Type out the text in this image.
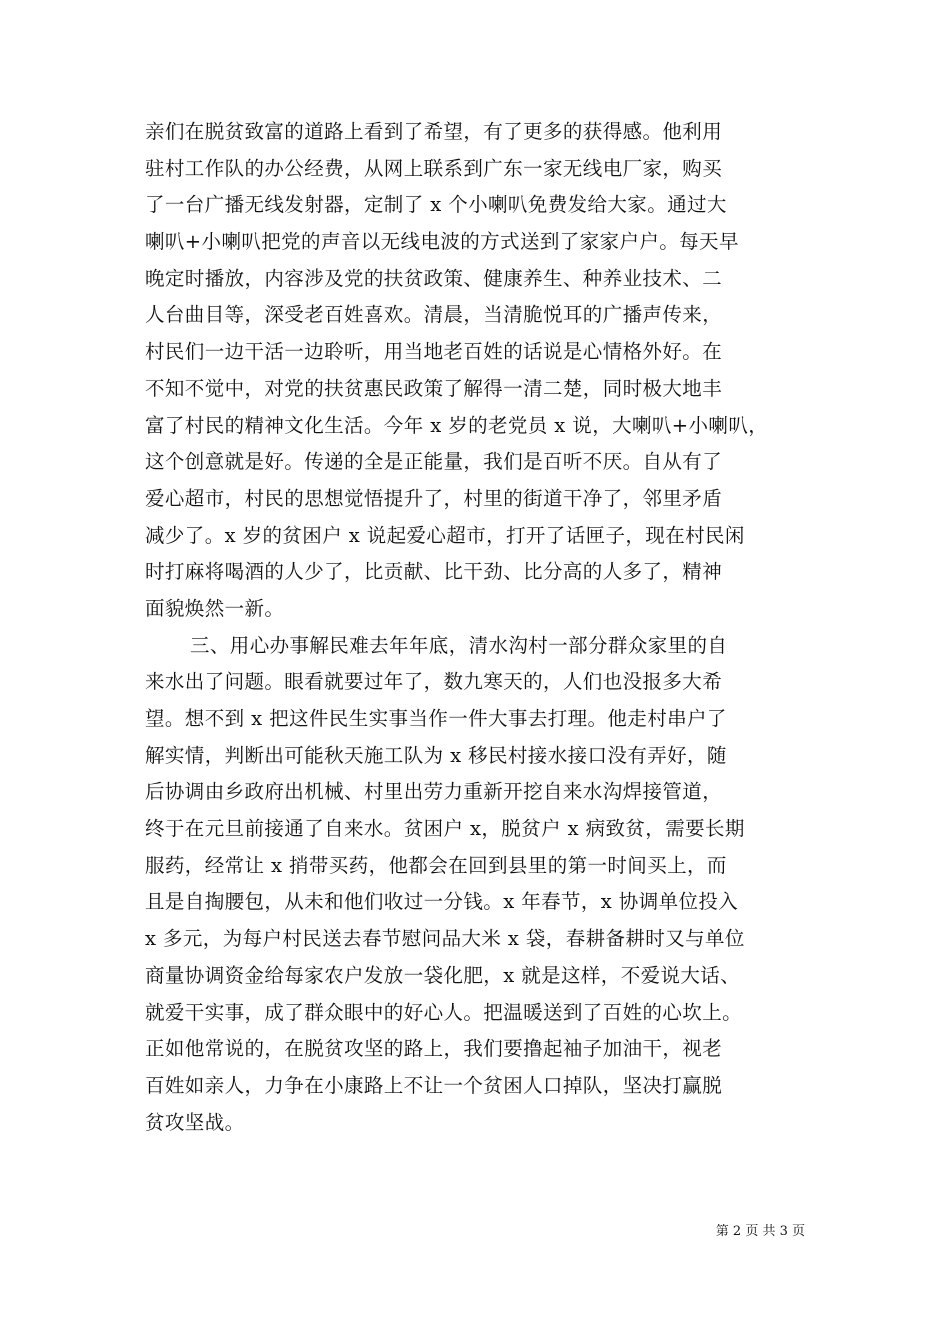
亲们在脱贫致富的道路上看到了希望，有了更多的获得感。他利用
驻村工作队的办公经费，从网上联系到广东一家无线电厂家，购买
了一台广播无线发射器，定制了 x 个小喇叭免费发给大家。通过大
喇叭+小喇叭把党的声音以无线电波的方式送到了家家户户。每天早
晚定时播放，内容涉及党的扶贫政策、健康养生、种养业技术、二
人台曲目等，深受老百姓喜欢。清晨，当清脆悦耳的广播声传来，
村民们一边干活一边聆听，用当地老百姓的话说是心情格外好。在
不知不觉中，对党的扶贫惠民政策了解得一清二楚，同时极大地丰
富了村民的精神文化生活。今年 x 岁的老党员 x 说，大喇叭+小喇叭，
这个创意就是好。传递的全是正能量，我们是百听不厌。自从有了
爱心超市，村民的思想觉悟提升了，村里的街道干净了，邻里矛盾
减少了。x 岁的贫困户 x 说起爱心超市，打开了话匣子，现在村民闲
时打麻将喝酒的人少了，比贡献、比干劲、比分高的人多了，精神
面貌焕然一新。
三、用心办事解民难去年年底，清水沟村一部分群众家里的自
来水出了问题。眼看就要过年了，数九寒天的，人们也没报多大希
望。想不到 x 把这件民生实事当作一件大事去打理。他走村串户了
解实情，判断出可能秋天施工队为 x 移民村接水接口没有弄好，随
后协调由乡政府出机械、村里出劳力重新开挖自来水沟焊接管道，
终于在元旦前接通了自来水。贫困户 x，脱贫户 x 病致贫，需要长期
服药，经常让 x 捎带买药，他都会在回到县里的第一时间买上，而
且是自掏腰包，从未和他们收过一分钱。x 年春节，x 协调单位投入
x 多元，为每户村民送去春节慰问品大米 x 袋，春耕备耕时又与单位
商量协调资金给每家农户发放一袋化肥，x 就是这样，不爱说大话、
就爱干实事，成了群众眼中的好心人。把温暖送到了百姓的心坎上。
正如他常说的，在脱贫攻坚的路上，我们要撸起袖子加油干，视老
百姓如亲人，力争在小康路上不让一个贫困人口掉队，坚决打赢脱
贫攻坚战。
第 2 页 共 3 页
